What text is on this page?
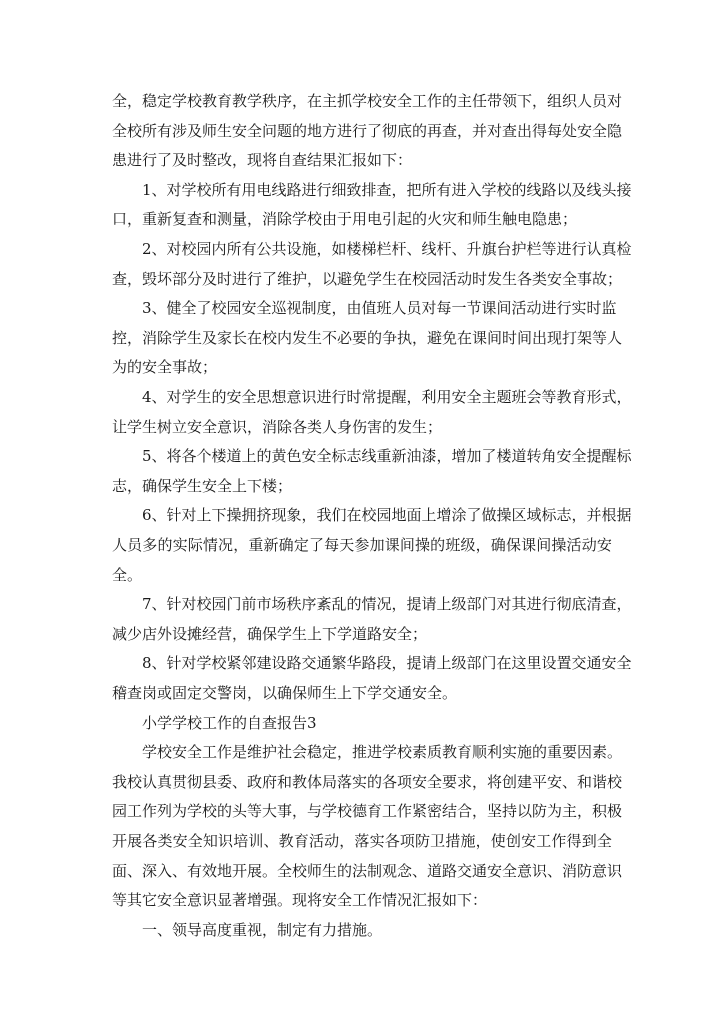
全，稳定学校教育教学秩序，在主抓学校安全工作的主任带领下，组织人员对
全校所有涉及师生安全问题的地方进行了彻底的再查，并对查出得每处安全隐
患进行了及时整改，现将自查结果汇报如下：
1、对学校所有用电线路进行细致排查，把所有进入学校的线路以及线头接
口，重新复查和测量，消除学校由于用电引起的火灾和师生触电隐患；
2、对校园内所有公共设施，如楼梯栏杆、线杆、升旗台护栏等进行认真检
查，毁坏部分及时进行了维护，以避免学生在校园活动时发生各类安全事故；
3、健全了校园安全巡视制度，由值班人员对每一节课间活动进行实时监
控，消除学生及家长在校内发生不必要的争执，避免在课间时间出现打架等人
为的安全事故；
4、对学生的安全思想意识进行时常提醒，利用安全主题班会等教育形式，
让学生树立安全意识，消除各类人身伤害的发生；
5、将各个楼道上的黄色安全标志线重新油漆，增加了楼道转角安全提醒标
志，确保学生安全上下楼；
6、针对上下操拥挤现象，我们在校园地面上增涂了做操区域标志，并根据
人员多的实际情况，重新确定了每天参加课间操的班级，确保课间操活动安
全。
7、针对校园门前市场秩序紊乱的情况，提请上级部门对其进行彻底清查，
减少店外设摊经营，确保学生上下学道路安全；
8、针对学校紧邻建设路交通繁华路段，提请上级部门在这里设置交通安全
稽查岗或固定交警岗，以确保师生上下学交通安全。
小学学校工作的自查报告3
学校安全工作是维护社会稳定，推进学校素质教育顺利实施的重要因素。
我校认真贯彻县委、政府和教体局落实的各项安全要求，将创建平安、和谐校
园工作列为学校的头等大事，与学校德育工作紧密结合，坚持以防为主，积极
开展各类安全知识培训、教育活动，落实各项防卫措施，使创安工作得到全
面、深入、有效地开展。全校师生的法制观念、道路交通安全意识、消防意识
等其它安全意识显著增强。现将安全工作情况汇报如下：
一、领导高度重视，制定有力措施。
